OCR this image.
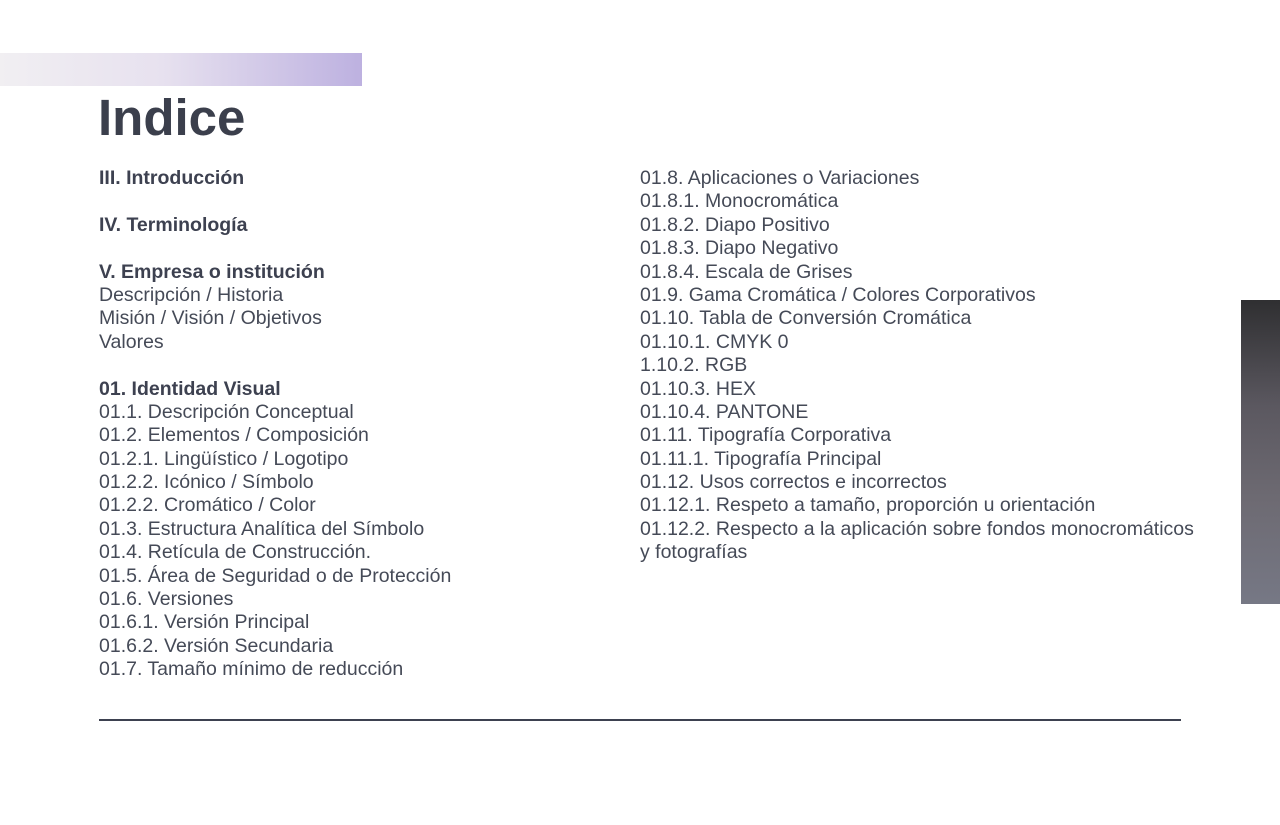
Indice
III. Introducción
IV. Terminología
V. Empresa o institución
Descripción / Historia
Misión / Visión / Objetivos
Valores
01. Identidad Visual
01.1. Descripción Conceptual
01.2. Elementos / Composición
01.2.1. Lingüístico / Logotipo
01.2.2. Icónico / Símbolo
01.2.2. Cromático / Color
01.3. Estructura Analítica del Símbolo
01.4. Retícula de Construcción.
01.5. Área de Seguridad o de Protección
01.6. Versiones
01.6.1. Versión Principal
01.6.2. Versión Secundaria
01.7. Tamaño mínimo de reducción
01.8. Aplicaciones o Variaciones
01.8.1. Monocromática
01.8.2. Diapo Positivo
01.8.3. Diapo Negativo
01.8.4. Escala de Grises
01.9. Gama Cromática / Colores Corporativos
01.10. Tabla de Conversión Cromática
01.10.1. CMYK 0
1.10.2. RGB
01.10.3. HEX
01.10.4. PANTONE
01.11. Tipografía Corporativa
01.11.1. Tipografía Principal
01.12. Usos correctos e incorrectos
01.12.1. Respeto a tamaño, proporción u orientación
01.12.2. Respecto a la aplicación sobre fondos monocromáticos y fotografías
